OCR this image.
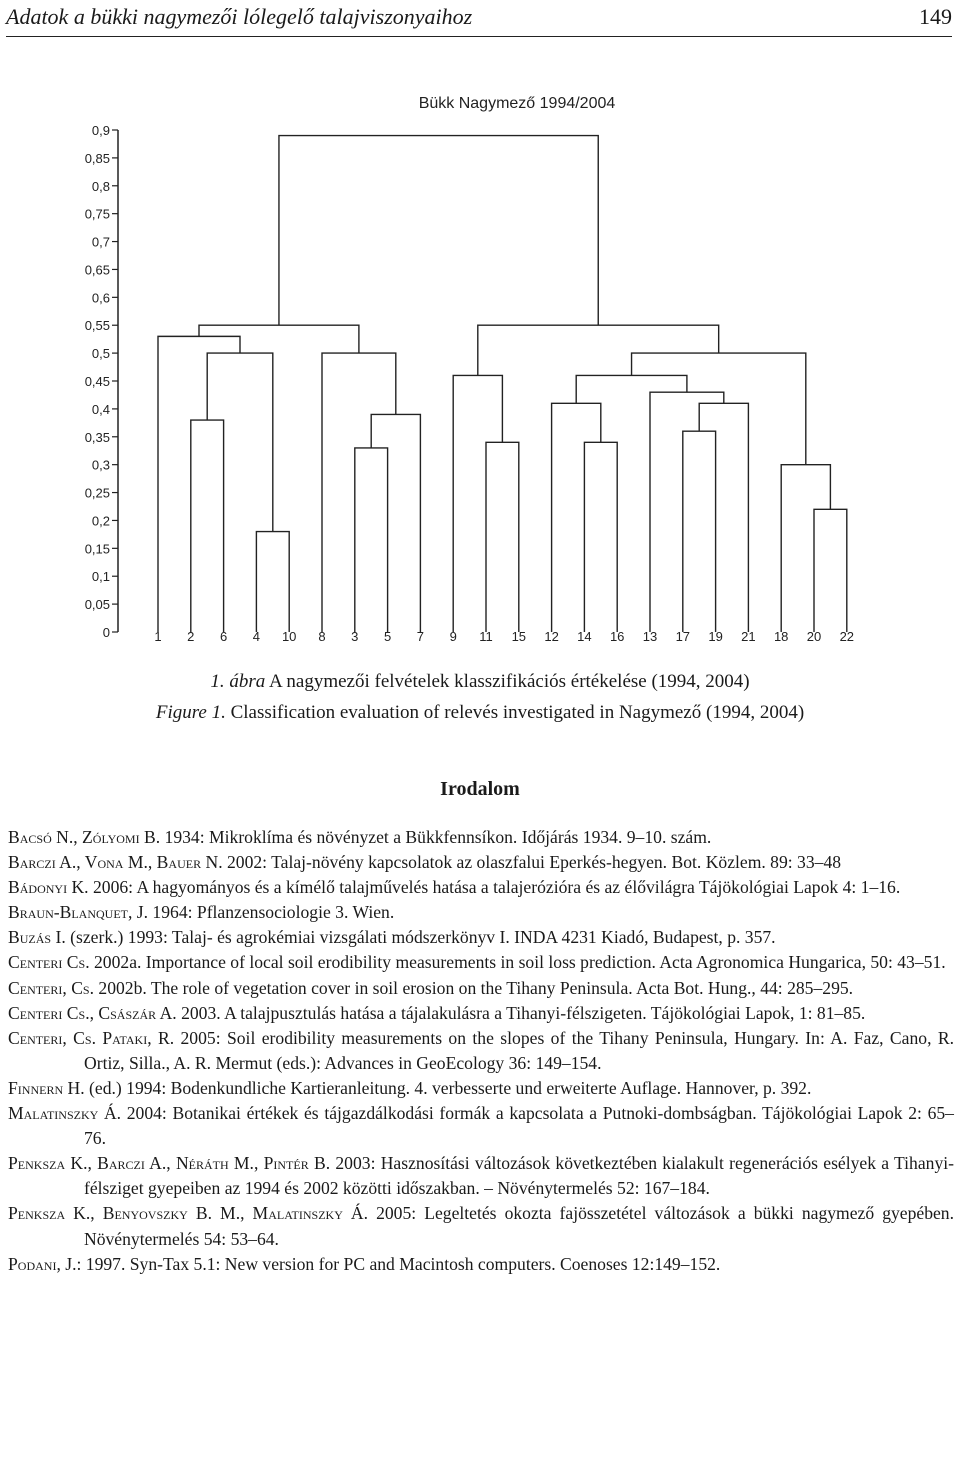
Adatok a bükki nagymezői lólegelő talajviszonyaihoz	149
Bükk Nagymező 1994/2004
0
0,05
0,1
0,15
0,2
0,25
0,3
0,35
0,4
0,45
0,5
0,55
0,6
0,65
0,7
0,75
0,8
0,85
0,9
1 2 6 4 10 8 3 5 7 9 11 15 12 14 16 13 17 19 21 18 20 22
1. ábra A nagymezői felvételek klasszifikációs értékelése (1994, 2004)
Figure 1. Classification evaluation of relevés investigated in Nagymező (1994, 2004)
Irodalom
Bacsó N., Zólyomi B. 1934: Mikroklíma és növényzet a Bükkfennsíkon. Időjárás 1934. 9–10. szám.
Barczi A., Vona M., Bauer N. 2002: Talaj-növény kapcsolatok az olaszfalui Eperkés-hegyen. Bot. Közlem. 89: 33–48
Bádonyi K. 2006: A hagyományos és a kímélő talajművelés hatása a talajerózióra és az élővilágra Tájökológiai Lapok 4: 1–16.
Braun-Blanquet, J. 1964: Pflanzensociologie 3. Wien.
Buzás I. (szerk.) 1993: Talaj- és agrokémiai vizsgálati módszerkönyv I. INDA 4231 Kiadó, Budapest, p. 357.
Centeri Cs. 2002a. Importance of local soil erodibility measurements in soil loss prediction. Acta Agronomica Hungarica, 50: 43–51.
Centeri, Cs. 2002b. The role of vegetation cover in soil erosion on the Tihany Peninsula. Acta Bot. Hung., 44: 285–295.
Centeri Cs., Császár A. 2003. A talajpusztulás hatása a tájalakulásra a Tihanyi-félszigeten. Tájökológiai Lapok, 1: 81–85.
Centeri, Cs. Pataki, R. 2005: Soil erodibility measurements on the slopes of the Tihany Peninsula, Hungary. In: A. Faz, Cano, R. Ortiz, Silla., A. R. Mermut (eds.): Advances in GeoEcology 36: 149–154.
Finnern H. (ed.) 1994: Bodenkundliche Kartieranleitung. 4. verbesserte und erweiterte Auflage. Hannover, p. 392.
Malatinszky Á. 2004: Botanikai értékek és tájgazdálkodási formák a kapcsolata a Putnoki-dombságban. Tájökológiai Lapok 2: 65–76.
Penksza K., Barczi A., Néráth M., Pintér B. 2003: Hasznosítási változások következtében kialakult regenerációs esélyek a Tihanyi-félsziget gyepeiben az 1994 és 2002 közötti időszakban. – Növénytermelés 52: 167–184.
Penksza K., Benyovszky B. M., Malatinszky Á. 2005: Legeltetés okozta fajösszetétel változások a bükki nagymező gyepében. Növénytermelés 54: 53–64.
Podani, J.: 1997. Syn-Tax 5.1: New version for PC and Macintosh computers. Coenoses 12:149–152.
